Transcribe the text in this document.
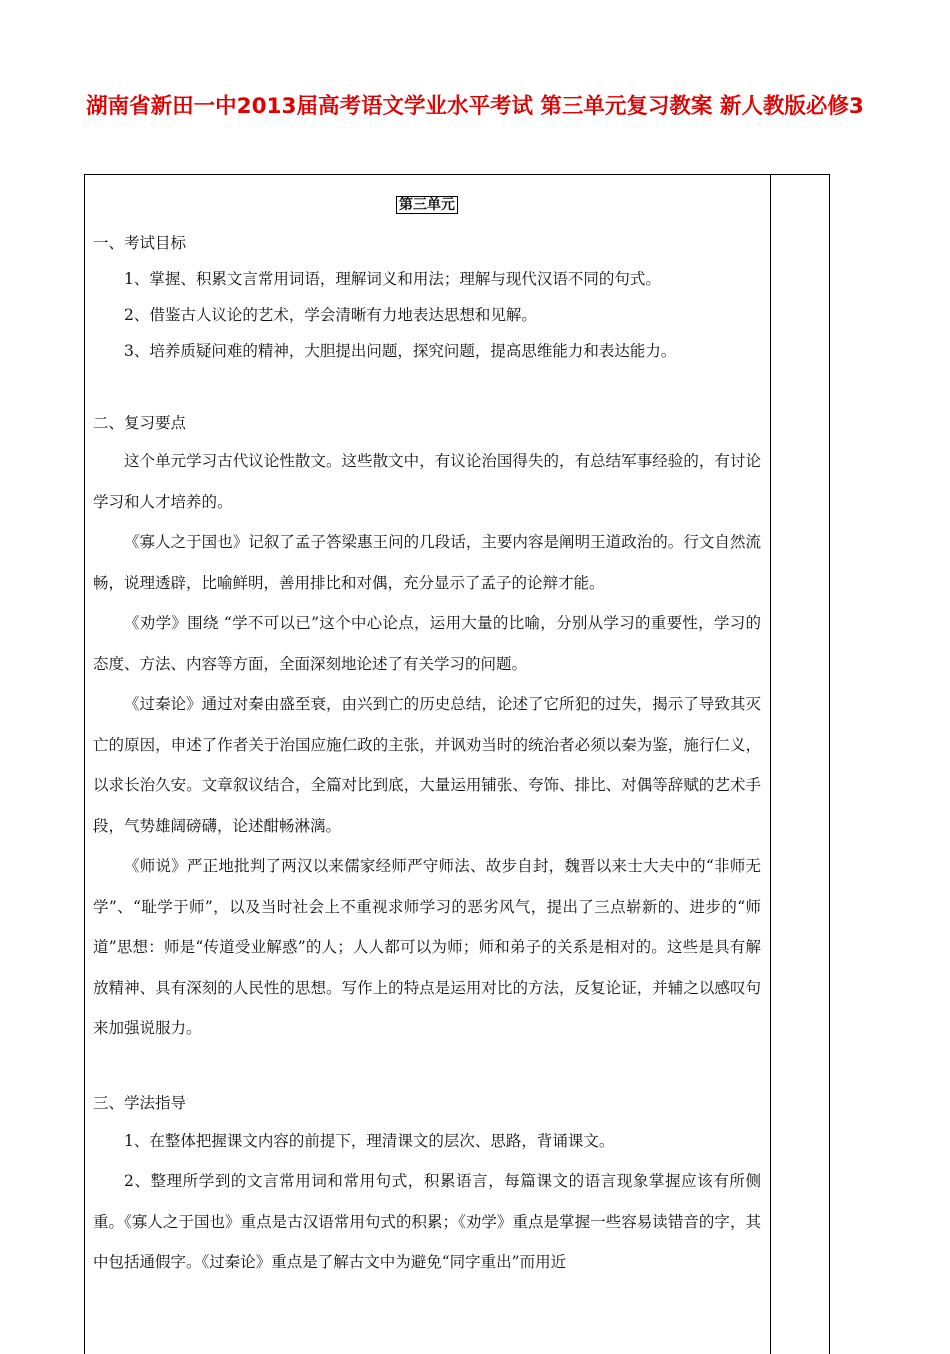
湖南省新田一中2013届高考语文学业水平考试 第三单元复习教案 新人教版必修3
第三单元

一、考试目标

1、掌握、积累文言常用词语，理解词义和用法；理解与现代汉语不同的句式。

2、借鉴古人议论的艺术，学会清晰有力地表达思想和见解。

3、培养质疑问难的精神，大胆提出问题，探究问题，提高思维能力和表达能力。

二、复习要点

这个单元学习古代议论性散文。这些散文中，有议论治国得失的，有总结军事经验的，有讨论学习和人才培养的。

《寡人之于国也》记叙了孟子答梁惠王问的几段话，主要内容是阐明王道政治的。行文自然流畅，说理透辟，比喻鲜明，善用排比和对偶，充分显示了孟子的论辩才能。

《劝学》围绕 “学不可以已”这个中心论点，运用大量的比喻，分别从学习的重要性，学习的态度、方法、内容等方面，全面深刻地论述了有关学习的问题。

《过秦论》通过对秦由盛至衰，由兴到亡的历史总结，论述了它所犯的过失，揭示了导致其灭亡的原因，申述了作者关于治国应施仁政的主张，并讽劝当时的统治者必须以秦为鉴，施行仁义，以求长治久安。文章叙议结合，全篇对比到底，大量运用铺张、夸饰、排比、对偶等辞赋的艺术手段，气势雄阔磅礴，论述酣畅淋漓。

《师说》严正地批判了两汉以来儒家经师严守师法、故步自封，魏晋以来士大夫中的“非师无学”、“耻学于师”，以及当时社会上不重视求师学习的恶劣风气，提出了三点崭新的、进步的“师道”思想：师是“传道受业解惑”的人；人人都可以为师；师和弟子的关系是相对的。这些是具有解放精神、具有深刻的人民性的思想。写作上的特点是运用对比的方法，反复论证，并辅之以感叹句来加强说服力。

三、学法指导

1、在整体把握课文内容的前提下，理清课文的层次、思路，背诵课文。

2、整理所学到的文言常用词和常用句式，积累语言，每篇课文的语言现象掌握应该有所侧重。《寡人之于国也》重点是古汉语常用句式的积累；《劝学》重点是掌握一些容易读错音的字，其中包括通假字。《过秦论》重点是了解古文中为避免“同字重出”而用近
